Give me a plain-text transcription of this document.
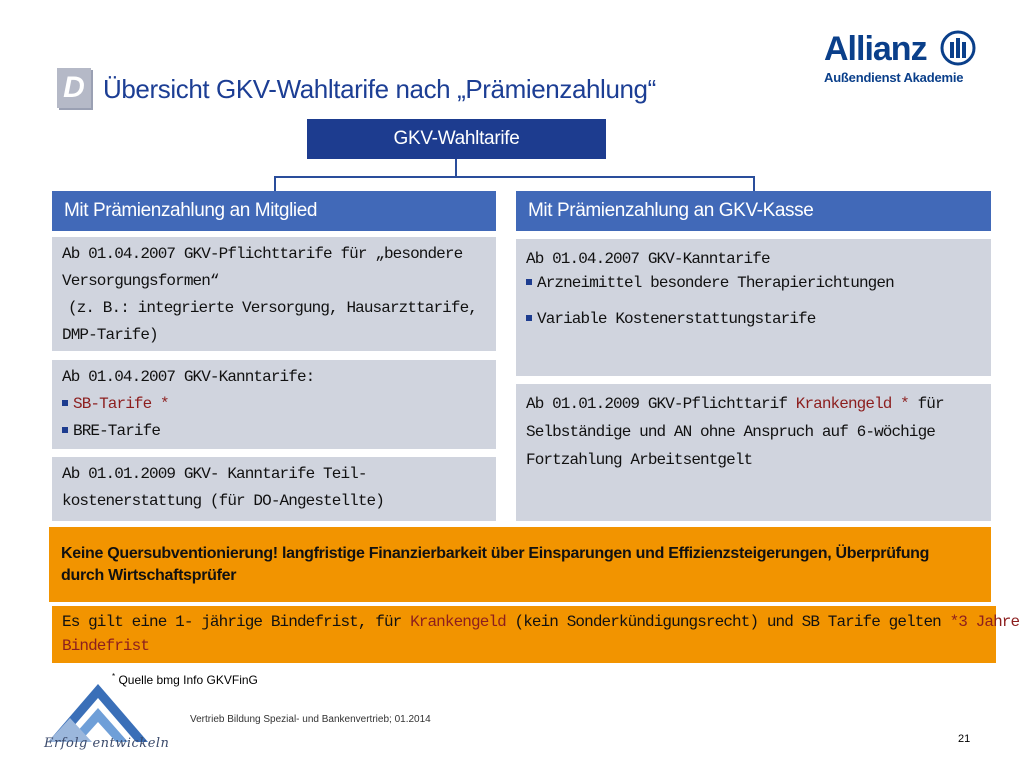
D Übersicht GKV-Wahltarife nach „Prämienzahlung“
Allianz
Außendienst Akademie
GKV-Wahltarife
Mit Prämienzahlung an Mitglied
Ab 01.04.2007 GKV-Pflichttarife für „besondere
Versorgungsformen“
(z. B.: integrierte Versorgung, Hausarzttarife,
DMP-Tarife)
Ab 01.04.2007 GKV-Kanntarife:
SB-Tarife *
BRE-Tarife
Ab 01.01.2009 GKV- Kanntarife Teil-
kostenerstattung (für DO-Angestellte)
Mit Prämienzahlung an GKV-Kasse
Ab 01.04.2007 GKV-Kanntarife
Arzneimittel besondere Therapierichtungen
Variable Kostenerstattungstarife
Ab 01.01.2009 GKV-Pflichttarif Krankengeld * für
Selbständige und AN ohne Anspruch auf 6-wöchige
Fortzahlung Arbeitsentgelt
Keine Quersubventionierung! langfristige Finanzierbarkeit über Einsparungen und Effizienzsteigerungen, Überprüfung
durch Wirtschaftsprüfer
Es gilt eine 1- jährige Bindefrist, für Krankengeld (kein Sonderkündigungsrecht) und SB Tarife gelten *3 Jahre
Bindefrist
* Quelle bmg Info GKVFinG
Erfolg entwickeln
Vertrieb Bildung Spezial- und Bankenvertrieb; 01.2014
21
